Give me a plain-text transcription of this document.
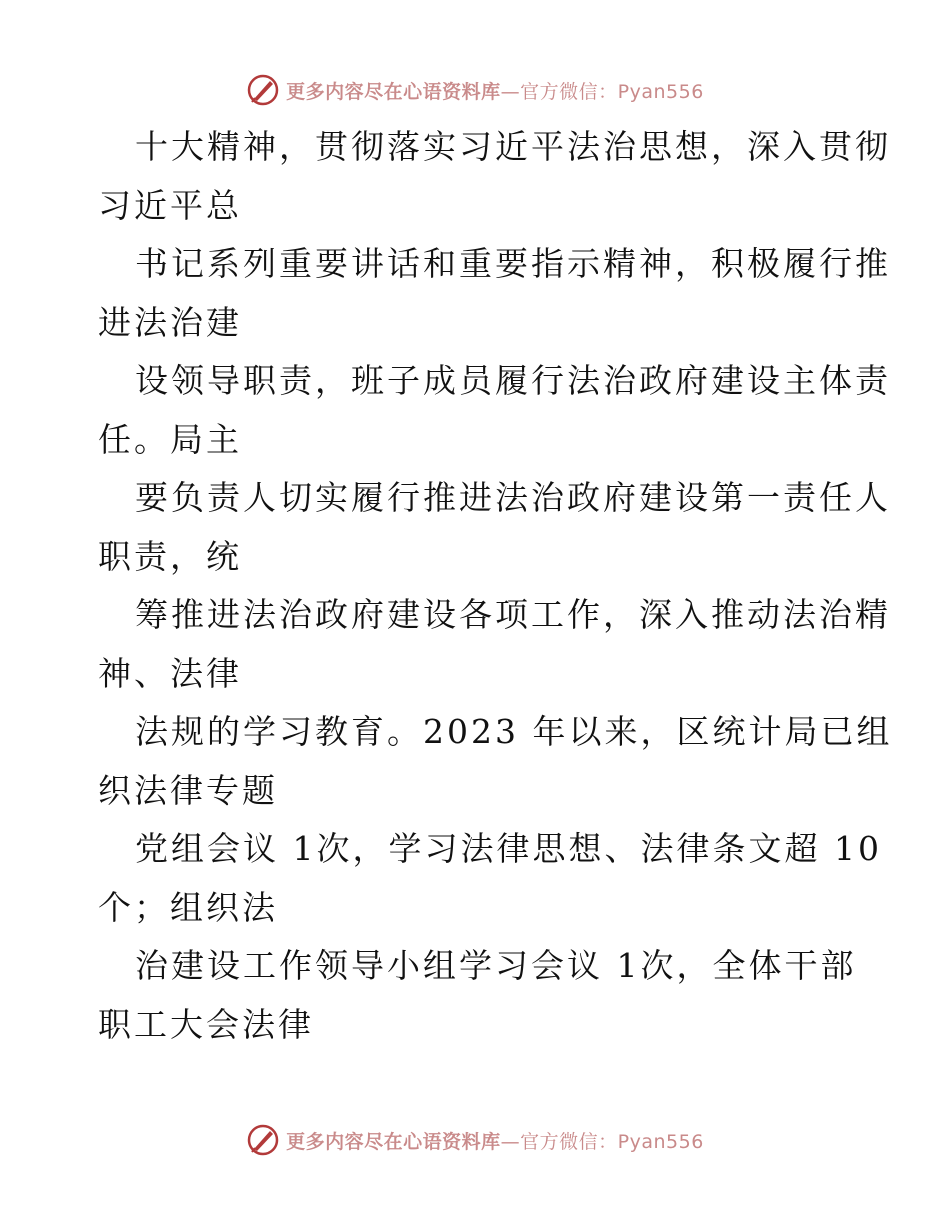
更多内容尽在心语资料库—官方微信：Pyan556
十大精神，贯彻落实习近平法治思想，深入贯彻
习近平总
书记系列重要讲话和重要指示精神，积极履行推
进法治建
设领导职责，班子成员履行法治政府建设主体责
任。局主
要负责人切实履行推进法治政府建设第一责任人
职责，统
筹推进法治政府建设各项工作，深入推动法治精
神、法律
法规的学习教育。2023 年以来，区统计局已组
织法律专题
党组会议 1次，学习法律思想、法律条文超 10
个；组织法
治建设工作领导小组学习会议 1次，全体干部
职工大会法律
更多内容尽在心语资料库—官方微信：Pyan556
